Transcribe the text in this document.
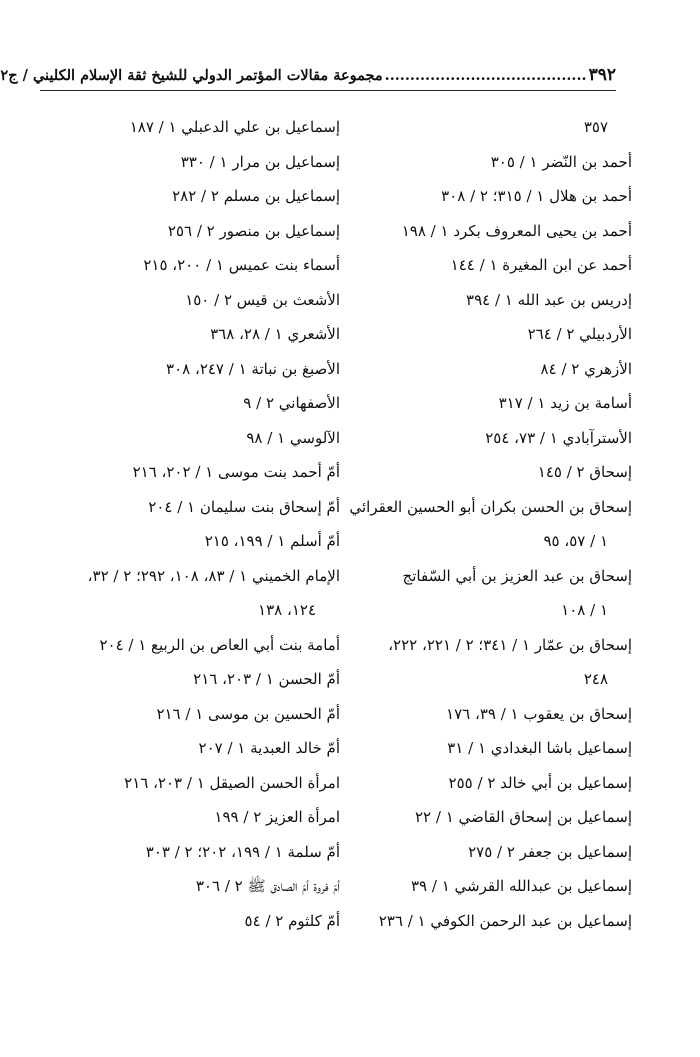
٣٩٢
........................................
مجموعة مقالات المؤتمر الدولي للشيخ ثقة الإسلام الكليني / ج٢
٣٥٧
أحمد بن النّضر ١ / ٣٠٥
أحمد بن هلال ١ / ٣١٥؛ ٢ / ٣٠٨
أحمد بن يحيى المعروف بكرد ١ / ١٩٨
أحمد عن ابن المغيرة ١ / ١٤٤
إدريس بن عبد الله ١ / ٣٩٤
الأردبيلي ٢ / ٢٦٤
الأزهري ٢ / ٨٤
أسامة بن زيد ١ / ٣١٧
الأسترآبادي ١ / ٧٣، ٢٥٤
إسحاق ٢ / ١٤٥
إسحاق بن الحسن بكران أبو الحسين العقرائي
١ / ٥٧، ٩٥
إسحاق بن عبد العزيز بن أبي السّفاتج
١ / ١٠٨
إسحاق بن عمّار ١ / ٣٤١؛ ٢ / ٢٢١، ٢٢٢،
٢٤٨
إسحاق بن يعقوب ١ / ٣٩، ١٧٦
إسماعيل باشا البغدادي ١ / ٣١
إسماعيل بن أبي خالد ٢ / ٢٥٥
إسماعيل بن إسحاق القاضي ١ / ٢٢
إسماعيل بن جعفر ٢ / ٢٧٥
إسماعيل بن عبدالله القرشي ١ / ٣٩
إسماعيل بن عبد الرحمن الكوفي ١ / ٢٣٦
إسماعيل بن علي الدعبلي ١ / ١٨٧
إسماعيل بن مرار ١ / ٣٣٠
إسماعيل بن مسلم ٢ / ٢٨٢
إسماعيل بن منصور ٢ / ٢٥٦
أسماء بنت عميس ١ / ٢٠٠، ٢١٥
الأشعث بن قيس ٢ / ١٥٠
الأشعري ١ / ٢٨، ٣٦٨
الأصبغ بن نباتة ١ / ٢٤٧، ٣٠٨
الأصفهاني ٢ / ٩
الآلوسي ١ / ٩٨
أمّ أحمد بنت موسى ١ / ٢٠٢، ٢١٦
أمّ إسحاق بنت سليمان ١ / ٢٠٤
أمّ أسلم ١ / ١٩٩، ٢١٥
الإمام الخميني ١ / ٨٣، ١٠٨، ٢٩٢؛ ٢ / ٣٢،
١٢٤، ١٣٨
أمامة بنت أبي العاص بن الربيع ١ / ٢٠٤
أمّ الحسن ١ / ٢٠٣، ٢١٦
أمّ الحسين بن موسى ١ / ٢١٦
أمّ خالد العبدية ١ / ٢٠٧
امرأة الحسن الصيقل ١ / ٢٠٣، ٢١٦
امرأة العزيز ٢ / ١٩٩
أمّ سلمة ١ / ١٩٩، ٢٠٢؛ ٢ / ٣٠٣
أمّ فروة أمّ الصادق ﷺ ٢ / ٣٠٦
أمّ كلثوم ٢ / ٥٤
